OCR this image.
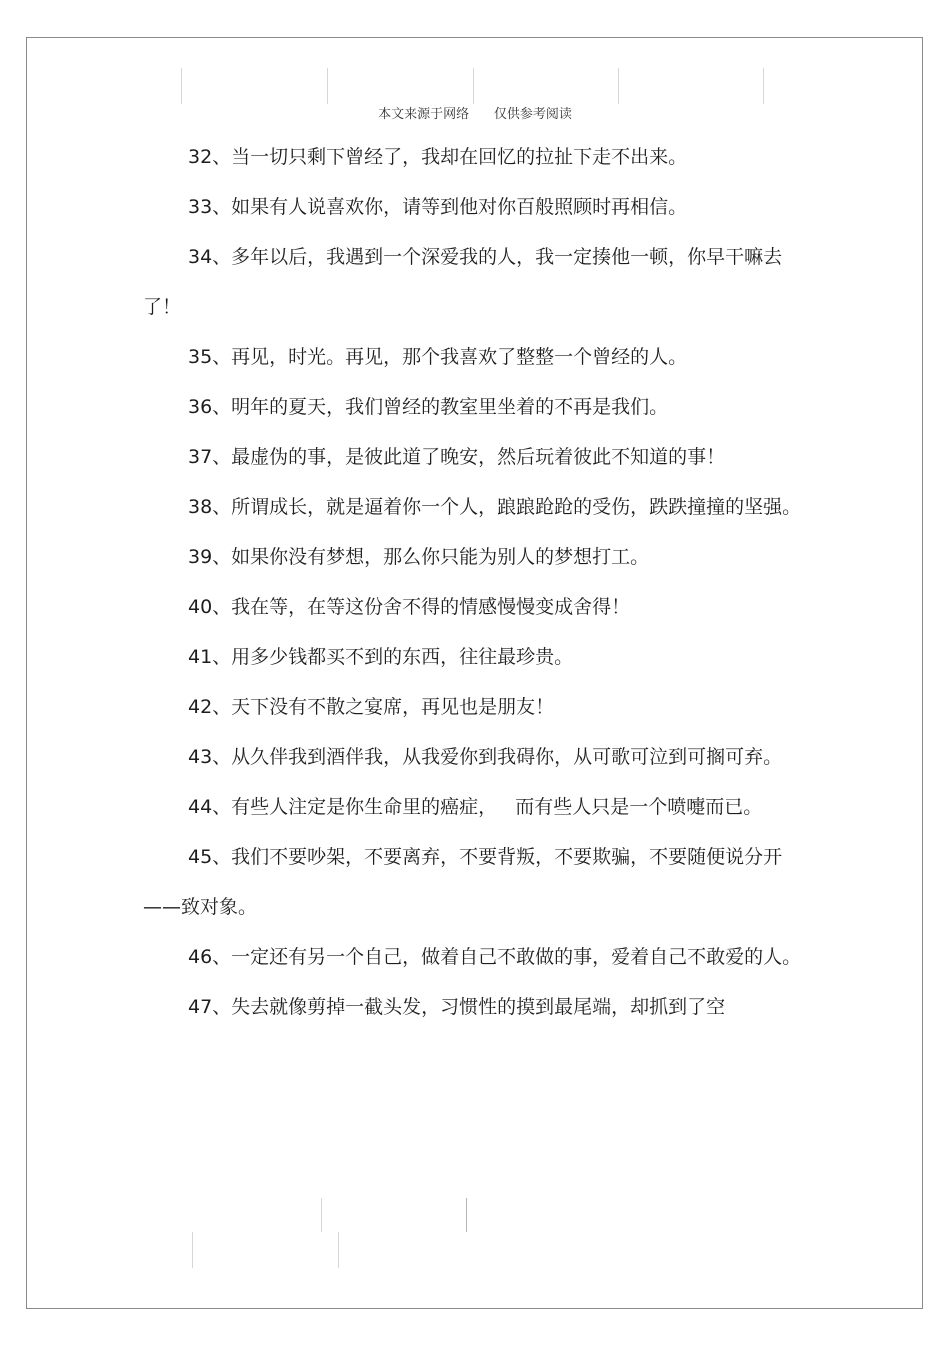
本文来源于网络      仅供参考阅读

32、当一切只剩下曾经了，我却在回忆的拉扯下走不出来。

33、如果有人说喜欢你，请等到他对你百般照顾时再相信。

34、多年以后，我遇到一个深爱我的人，我一定揍他一顿，你早干嘛去了！

35、再见，时光。再见，那个我喜欢了整整一个曾经的人。

36、明年的夏天，我们曾经的教室里坐着的不再是我们。

37、最虚伪的事，是彼此道了晚安，然后玩着彼此不知道的事！

38、所谓成长，就是逼着你一个人，踉踉跄跄的受伤，跌跌撞撞的坚强。

39、如果你没有梦想，那么你只能为别人的梦想打工。

40、我在等，在等这份舍不得的情感慢慢变成舍得！

41、用多少钱都买不到的东西，往往最珍贵。

42、天下没有不散之宴席，再见也是朋友！

43、从久伴我到酒伴我，从我爱你到我碍你，从可歌可泣到可搁可弃。

44、有些人注定是你生命里的癌症，   而有些人只是一个喷嚏而已。

45、我们不要吵架，不要离弃，不要背叛，不要欺骗，不要随便说分开——致对象。

46、一定还有另一个自己，做着自己不敢做的事，爱着自己不敢爱的人。

47、失去就像剪掉一截头发，习惯性的摸到最尾端，却抓到了空
